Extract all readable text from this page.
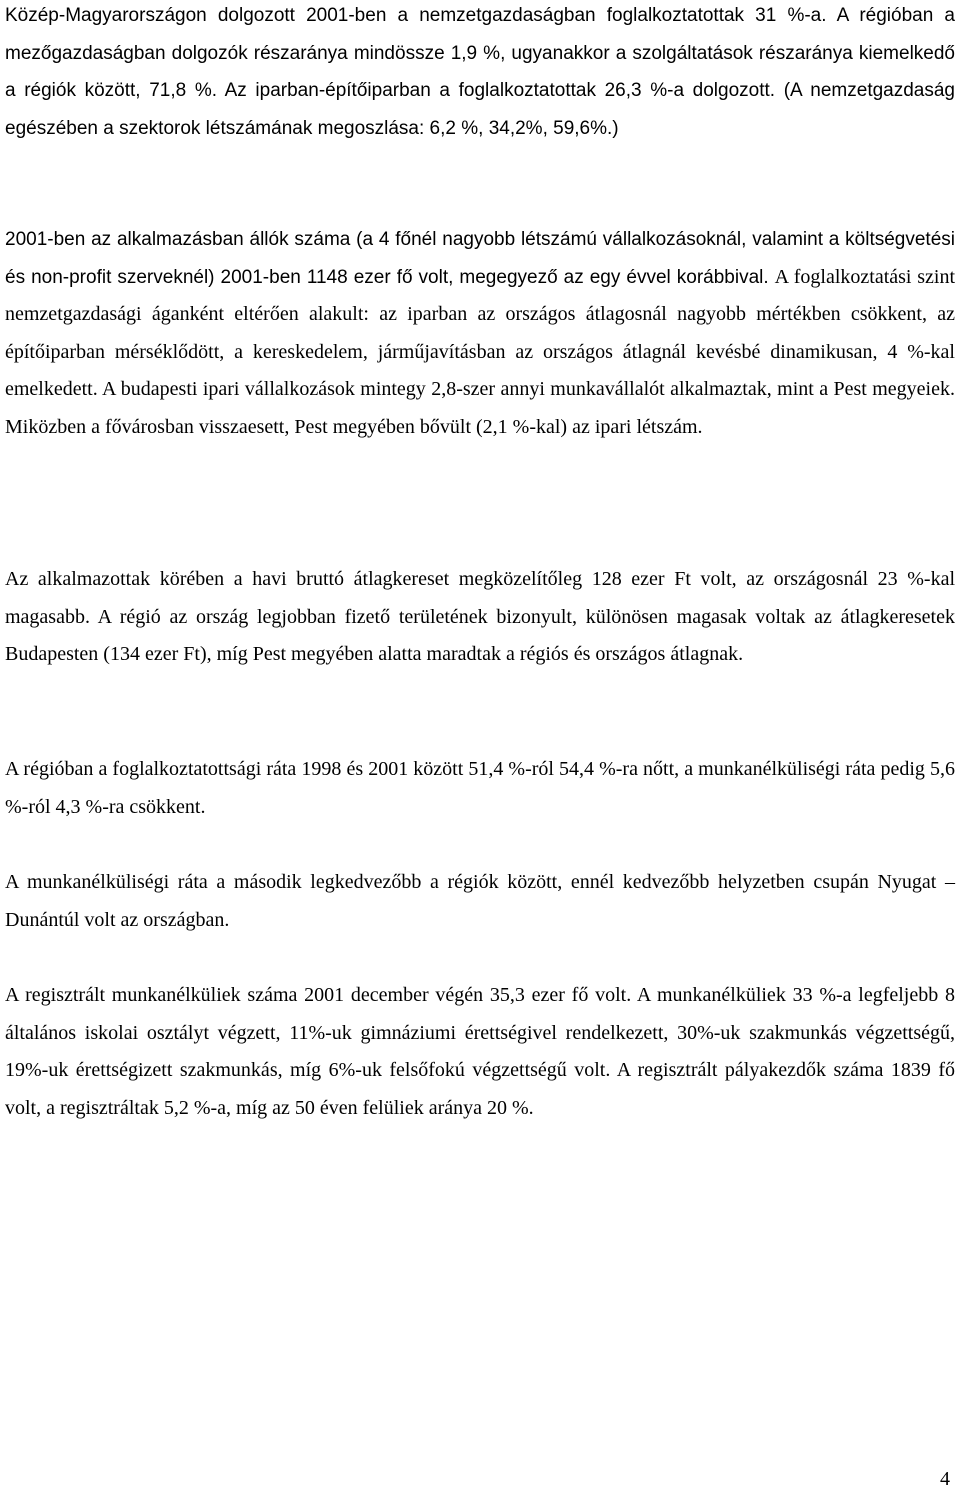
Közép-Magyarországon dolgozott 2001-ben a nemzetgazdaságban foglalkoztatottak 31 %-a. A régióban a mezőgazdaságban dolgozók részaránya mindössze 1,9 %, ugyanakkor a szolgáltatások részaránya kiemelkedő a régiók között, 71,8 %. Az iparban-építőiparban a foglalkoztatottak 26,3 %-a dolgozott. (A nemzetgazdaság egészében a szektorok létszámának megoszlása: 6,2 %, 34,2%, 59,6%.)

2001-ben az alkalmazásban állók száma (a 4 főnél nagyobb létszámú vállalkozásoknál, valamint a költségvetési és non-profit szerveknél) 2001-ben 1148 ezer fő volt, megegyező az egy évvel korábbival. A foglalkoztatási szint nemzetgazdasági áganként eltérően alakult: az iparban az országos átlagosnál nagyobb mértékben csökkent, az építőiparban mérséklődött, a kereskedelem, járműjavításban az országos átlagnál kevésbé dinamikusan, 4 %-kal emelkedett. A budapesti ipari vállalkozások mintegy 2,8-szer annyi munkavállalót alkalmaztak, mint a Pest megyeiek. Miközben a fővárosban visszaesett, Pest megyében bővült (2,1 %-kal) az ipari létszám.

Az alkalmazottak körében a havi bruttó átlagkereset megközelítőleg 128 ezer Ft volt, az országosnál 23 %-kal magasabb. A régió az ország legjobban fizető területének bizonyult, különösen magasak voltak az átlagkeresetek Budapesten (134 ezer Ft), míg Pest megyében alatta maradtak a régiós és országos átlagnak.

A régióban a foglalkoztatottsági ráta 1998 és 2001 között 51,4 %-ról 54,4 %-ra nőtt, a munkanélküliségi ráta pedig 5,6 %-ról 4,3 %-ra csökkent.

A munkanélküliségi ráta a második legkedvezőbb a régiók között, ennél kedvezőbb helyzetben csupán Nyugat –Dunántúl volt az országban.

A regisztrált munkanélküliek száma 2001 december végén 35,3 ezer fő volt. A munkanélküliek 33 %-a legfeljebb 8 általános iskolai osztályt végzett, 11%-uk gimnáziumi érettségivel rendelkezett, 30%-uk szakmunkás végzettségű, 19%-uk érettségizett szakmunkás, míg 6%-uk felsőfokú végzettségű volt. A regisztrált pályakezdők száma 1839 fő volt, a regisztráltak 5,2 %-a, míg az 50 éven felüliek aránya 20 %.

4
